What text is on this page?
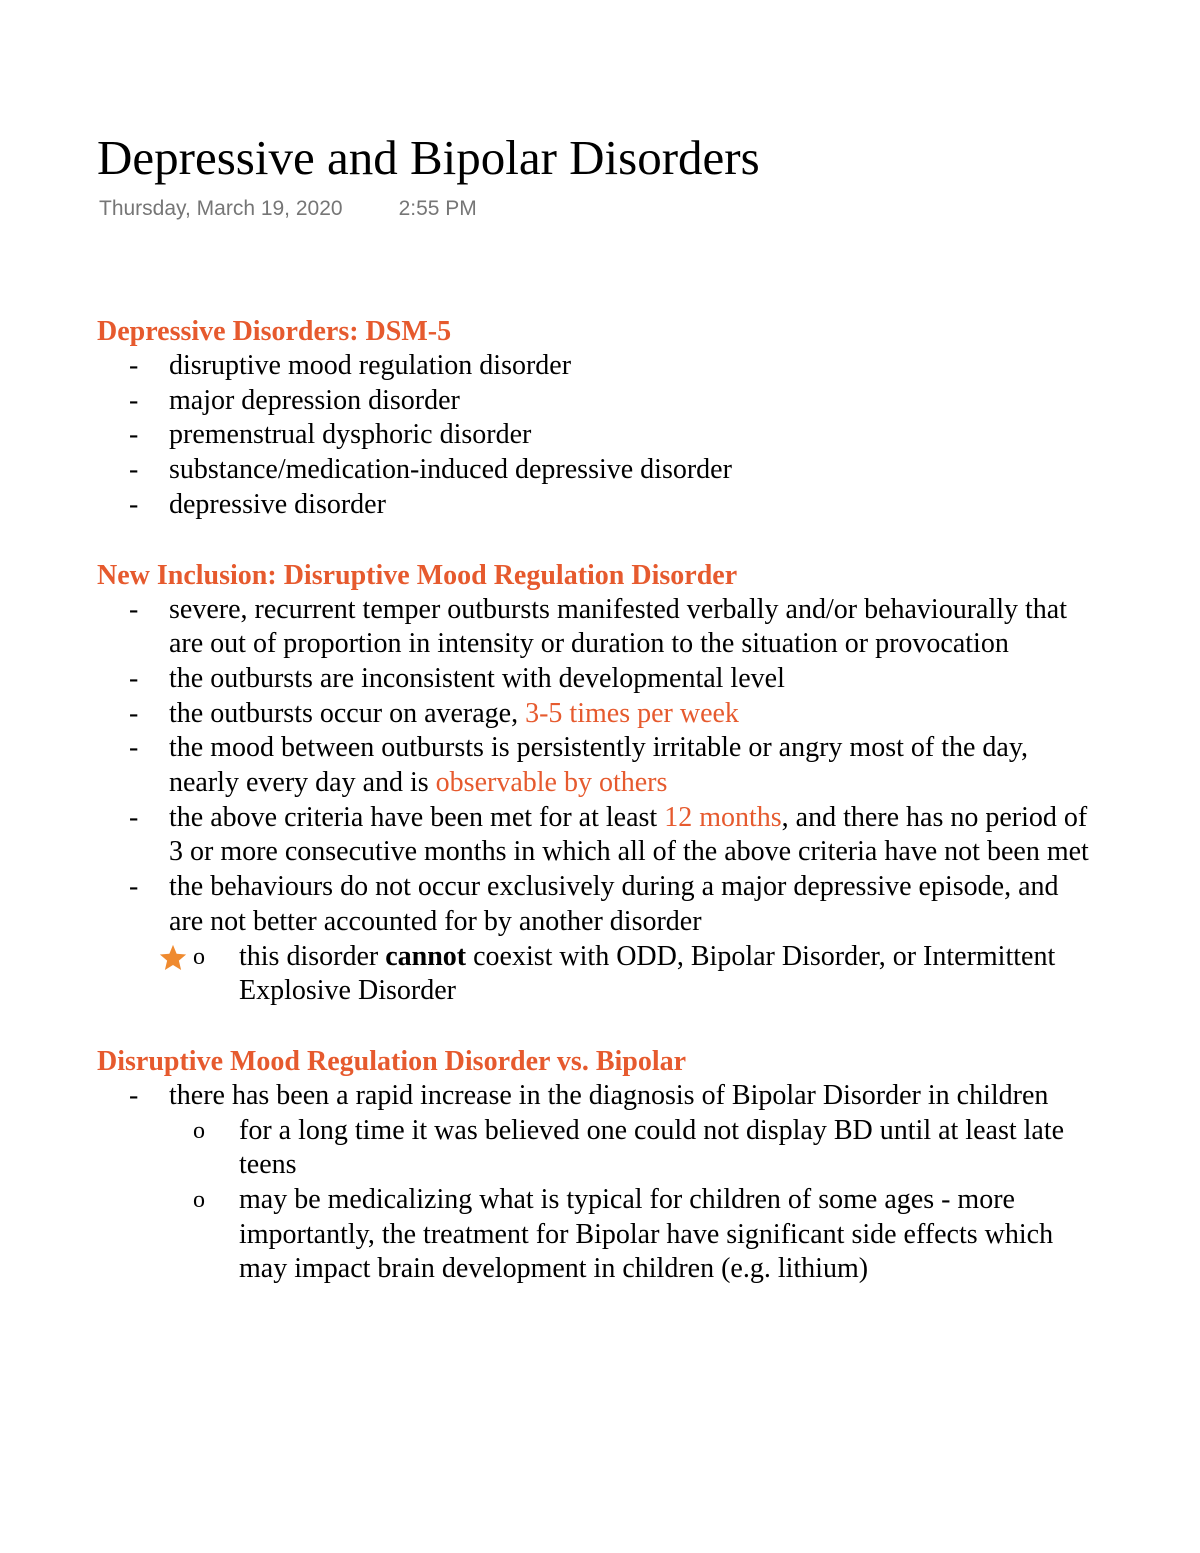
Depressive and Bipolar Disorders
Thursday, March 19, 2020	2:55 PM
Depressive Disorders: DSM-5
- disruptive mood regulation disorder
- major depression disorder
- premenstrual dysphoric disorder
- substance/medication-induced depressive disorder
- depressive disorder
New Inclusion: Disruptive Mood Regulation Disorder
- severe, recurrent temper outbursts manifested verbally and/or behaviourally that are out of proportion in intensity or duration to the situation or provocation
- the outbursts are inconsistent with developmental level
- the outbursts occur on average, 3-5 times per week
- the mood between outbursts is persistently irritable or angry most of the day, nearly every day and is observable by others
- the above criteria have been met for at least 12 months, and there has no period of 3 or more consecutive months in which all of the above criteria have not been met
- the behaviours do not occur exclusively during a major depressive episode, and are not better accounted for by another disorder
o this disorder cannot coexist with ODD, Bipolar Disorder, or Intermittent Explosive Disorder
Disruptive Mood Regulation Disorder vs. Bipolar
- there has been a rapid increase in the diagnosis of Bipolar Disorder in children
o for a long time it was believed one could not display BD until at least late teens
o may be medicalizing what is typical for children of some ages - more importantly, the treatment for Bipolar have significant side effects which may impact brain development in children (e.g. lithium)
